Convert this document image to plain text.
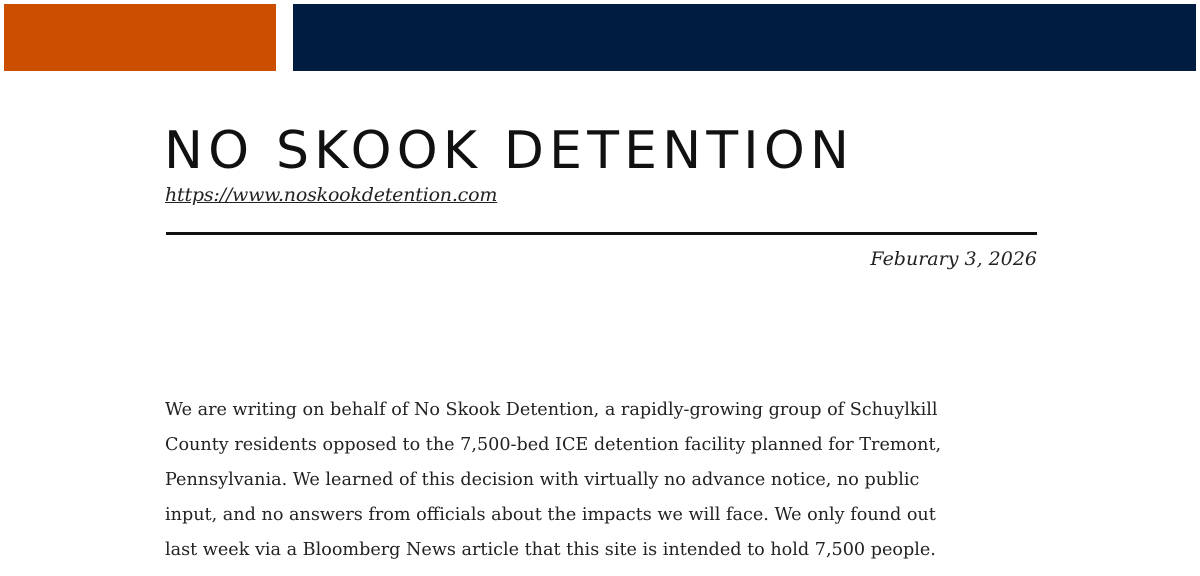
NO SKOOK DETENTION
https://www.noskookdetention.com
Feburary 3, 2026
We are writing on behalf of No Skook Detention, a rapidly-growing group of Schuylkill
County residents opposed to the 7,500-bed ICE detention facility planned for Tremont,
Pennsylvania. We learned of this decision with virtually no advance notice, no public
input, and no answers from officials about the impacts we will face. We only found out
last week via a Bloomberg News article that this site is intended to hold 7,500 people.
